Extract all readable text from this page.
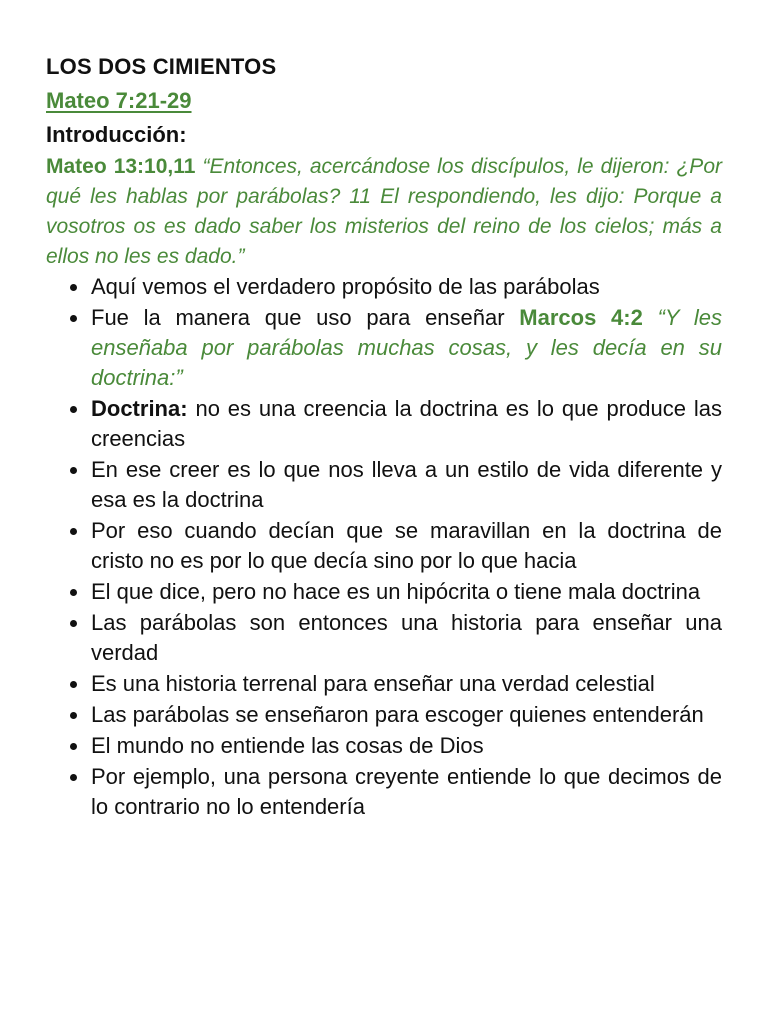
LOS DOS CIMIENTOS
Mateo 7:21-29
Introducción:

Mateo 13:10,11 “Entonces, acercándose los discípulos, le dijeron: ¿Por qué les hablas por parábolas? 11 El respondiendo, les dijo: Porque a vosotros os es dado saber los misterios del reino de los cielos; más a ellos no les es dado.”

Aquí vemos el verdadero propósito de las parábolas
Fue la manera que uso para enseñar Marcos 4:2 “Y les enseñaba por parábolas muchas cosas, y les decía en su doctrina:”
Doctrina: no es una creencia la doctrina es lo que produce las creencias
En ese creer es lo que nos lleva a un estilo de vida diferente y esa es la doctrina
Por eso cuando decían que se maravillan en la doctrina de cristo no es por lo que decía sino por lo que hacia
El que dice, pero no hace es un hipócrita o tiene mala doctrina
Las parábolas son entonces una historia para enseñar una verdad
Es una historia terrenal para enseñar una verdad celestial
Las parábolas se enseñaron para escoger quienes entenderán
El mundo no entiende las cosas de Dios
Por ejemplo, una persona creyente entiende lo que decimos de lo contrario no lo entendería
